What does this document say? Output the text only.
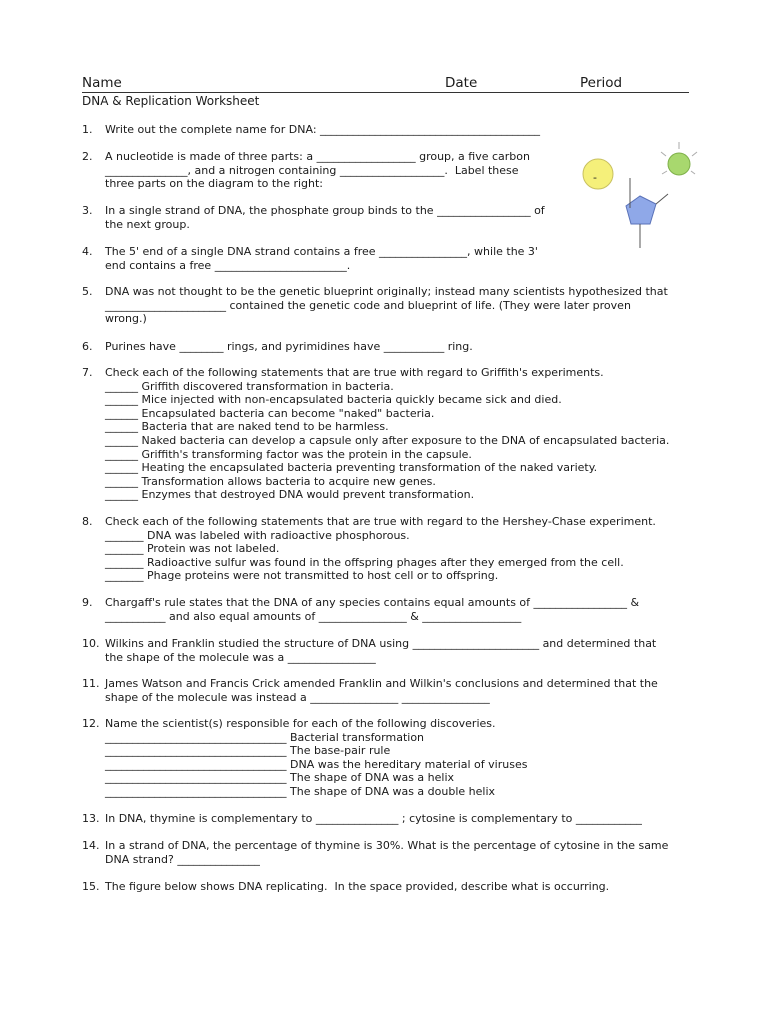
Name	Date	Period
DNA & Replication Worksheet
-
1. Write out the complete name for DNA: ________________________________________
2. A nucleotide is made of three parts: a __________________ group, a five carbon
_______________, and a nitrogen containing ___________________.  Label these
three parts on the diagram to the right:
3. In a single strand of DNA, the phosphate group binds to the _________________ of
the next group.
4. The 5' end of a single DNA strand contains a free ________________, while the 3'
end contains a free ________________________.
5. DNA was not thought to be the genetic blueprint originally; instead many scientists hypothesized that
______________________ contained the genetic code and blueprint of life. (They were later proven
wrong.)
6. Purines have ________ rings, and pyrimidines have ___________ ring.
7. Check each of the following statements that are true with regard to Griffith's experiments.
______ Griffith discovered transformation in bacteria.
______ Mice injected with non-encapsulated bacteria quickly became sick and died.
______ Encapsulated bacteria can become "naked" bacteria.
______ Bacteria that are naked tend to be harmless.
______ Naked bacteria can develop a capsule only after exposure to the DNA of encapsulated bacteria.
______ Griffith's transforming factor was the protein in the capsule.
______ Heating the encapsulated bacteria preventing transformation of the naked variety.
______ Transformation allows bacteria to acquire new genes.
______ Enzymes that destroyed DNA would prevent transformation.
8. Check each of the following statements that are true with regard to the Hershey-Chase experiment.
_______ DNA was labeled with radioactive phosphorous.
_______ Protein was not labeled.
_______ Radioactive sulfur was found in the offspring phages after they emerged from the cell.
_______ Phage proteins were not transmitted to host cell or to offspring.
9. Chargaff's rule states that the DNA of any species contains equal amounts of _________________ &
___________ and also equal amounts of ________________ & __________________
10. Wilkins and Franklin studied the structure of DNA using _______________________ and determined that
the shape of the molecule was a ________________
11. James Watson and Francis Crick amended Franklin and Wilkin's conclusions and determined that the
shape of the molecule was instead a ________________ ________________
12. Name the scientist(s) responsible for each of the following discoveries.
_________________________________ Bacterial transformation
_________________________________ The base-pair rule
_________________________________ DNA was the hereditary material of viruses
_________________________________ The shape of DNA was a helix
_________________________________ The shape of DNA was a double helix
13. In DNA, thymine is complementary to _______________ ; cytosine is complementary to ____________
14. In a strand of DNA, the percentage of thymine is 30%. What is the percentage of cytosine in the same
DNA strand? _______________
15. The figure below shows DNA replicating.  In the space provided, describe what is occurring.
